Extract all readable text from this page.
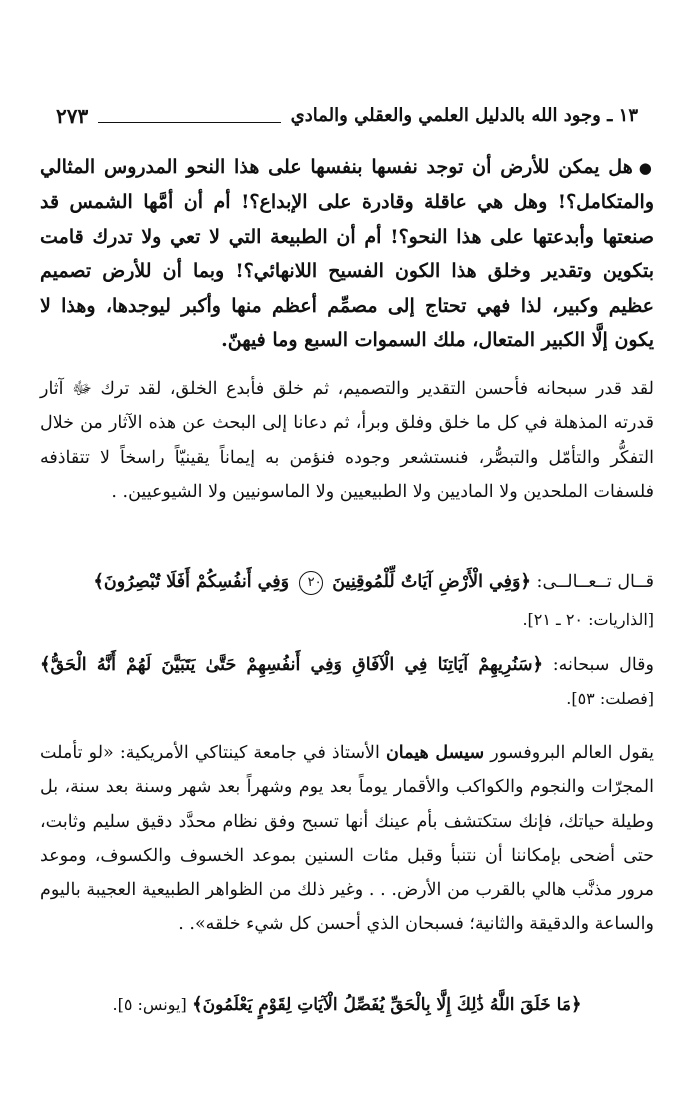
١٣ ـ وجود الله بالدليل العلمي والعقلي والمادي
٢٧٣
●هل يمكن للأرض أن توجد نفسها بنفسها على هذا النحو المدروس المثالي والمتكامل؟! وهل هي عاقلة وقادرة على الإبداع؟! أم أن أمَّها الشمس قد صنعتها وأبدعتها على هذا النحو؟! أم أن الطبيعة التي لا تعي ولا تدرك قامت بتكوين وتقدير وخلق هذا الكون الفسيح اللانهائي؟! وبما أن للأرض تصميم عظيم وكبير، لذا فهي تحتاج إلى مصمِّم أعظم منها وأكبر ليوجدها، وهذا لا يكون إلَّا الكبير المتعال، ملك السموات السبع وما فيهنّ.
لقد قدر سبحانه فأحسن التقدير والتصميم، ثم خلق فأبدع الخلق، لقد ترك ﷻ آثار قدرته المذهلة في كل ما خلق وفلق وبرأ، ثم دعانا إلى البحث عن هذه الآثار من خلال التفكُّر والتأمّل والتبصُّر، فنستشعر وجوده فنؤمن به إيماناً يقينيّاً راسخاً لا تتقاذفه فلسفات الملحدين ولا الماديين ولا الطبيعيين ولا الماسونيين ولا الشيوعيين. .
قــال تــعــالــى: ﴿وَفِي الْأَرْضِ آيَاتٌ لِّلْمُوقِنِينَ ٢٠ وَفِي أَنفُسِكُمْ أَفَلَا تُبْصِرُونَ﴾
[الذاريات: ٢٠ ـ ٢١].
وقال سبحانه: ﴿سَنُرِيهِمْ آيَاتِنَا فِي الْآفَاقِ وَفِي أَنفُسِهِمْ حَتَّىٰ يَتَبَيَّنَ لَهُمْ أَنَّهُ الْحَقُّ﴾ [فصلت: ٥٣].
يقول العالم البروفسور سيسل هيمان الأستاذ في جامعة كينتاكي الأمريكية: «لو تأملت المجرّات والنجوم والكواكب والأقمار يوماً بعد يوم وشهراً بعد شهر وسنة بعد سنة، بل وطيلة حياتك، فإنك ستكتشف بأم عينك أنها تسبح وفق نظام محدَّد دقيق سليم وثابت، حتى أضحى بإمكاننا أن نتنبأ وقبل مئات السنين بموعد الخسوف والكسوف، وموعد مرور مذنَّب هالي بالقرب من الأرض. . . وغير ذلك من الظواهر الطبيعية العجيبة باليوم والساعة والدقيقة والثانية؛ فسبحان الذي أحسن كل شيء خلقه». .
﴿مَا خَلَقَ اللَّهُ ذَٰلِكَ إِلَّا بِالْحَقِّ يُفَصِّلُ الْآيَاتِ لِقَوْمٍ يَعْلَمُونَ﴾ [يونس: ٥].
